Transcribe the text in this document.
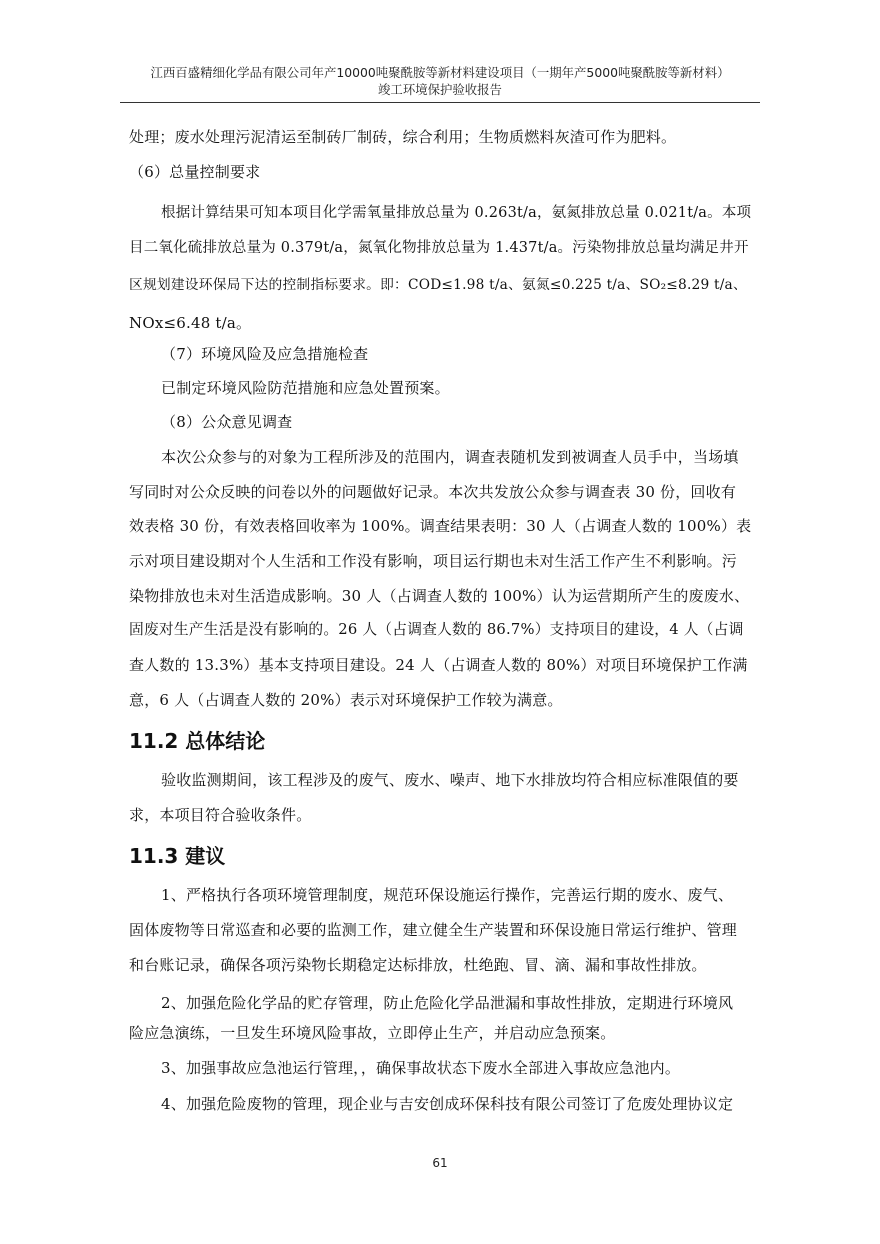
江西百盛精细化学品有限公司年产10000吨聚酰胺等新材料建设项目（一期年产5000吨聚酰胺等新材料）
竣工环境保护验收报告
处理；废水处理污泥清运至制砖厂制砖，综合利用；生物质燃料灰渣可作为肥料。
（6）总量控制要求
根据计算结果可知本项目化学需氧量排放总量为 0.263t/a，氨氮排放总量 0.021t/a。本项
目二氧化硫排放总量为 0.379t/a，氮氧化物排放总量为 1.437t/a。污染物排放总量均满足井开
区规划建设环保局下达的控制指标要求。即：COD≤1.98 t/a、氨氮≤0.225 t/a、SO₂≤8.29 t/a、
NOx≤6.48 t/a。
（7）环境风险及应急措施检查
已制定环境风险防范措施和应急处置预案。
（8）公众意见调查
本次公众参与的对象为工程所涉及的范围内，调查表随机发到被调查人员手中，当场填
写同时对公众反映的问卷以外的问题做好记录。本次共发放公众参与调查表 30 份，回收有
效表格 30 份，有效表格回收率为 100%。调查结果表明：30 人（占调查人数的 100%）表
示对项目建设期对个人生活和工作没有影响，项目运行期也未对生活工作产生不利影响。污
染物排放也未对生活造成影响。30 人（占调查人数的 100%）认为运营期所产生的废废水、
固废对生产生活是没有影响的。26 人（占调查人数的 86.7%）支持项目的建设，4 人（占调
查人数的 13.3%）基本支持项目建设。24 人（占调查人数的 80%）对项目环境保护工作满
意，6 人（占调查人数的 20%）表示对环境保护工作较为满意。
11.2 总体结论
验收监测期间，该工程涉及的废气、废水、噪声、地下水排放均符合相应标准限值的要
求，本项目符合验收条件。
11.3 建议
1、严格执行各项环境管理制度，规范环保设施运行操作，完善运行期的废水、废气、
固体废物等日常巡查和必要的监测工作，建立健全生产装置和环保设施日常运行维护、管理
和台账记录，确保各项污染物长期稳定达标排放，杜绝跑、冒、滴、漏和事故性排放。
2、加强危险化学品的贮存管理，防止危险化学品泄漏和事故性排放，定期进行环境风
险应急演练，一旦发生环境风险事故，立即停止生产，并启动应急预案。
3、加强事故应急池运行管理，，确保事故状态下废水全部进入事故应急池内。
4、加强危险废物的管理，现企业与吉安创成环保科技有限公司签订了危废处理协议定
61
